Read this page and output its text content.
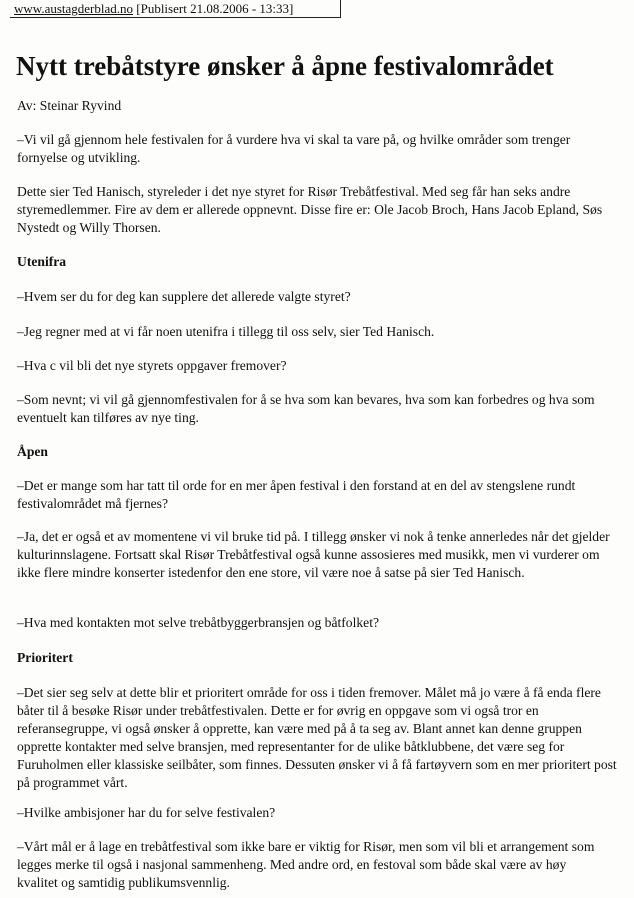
www.austagderblad.no [Publisert 21.08.2006 - 13:33]
Nytt trebåtstyre ønsker å åpne festivalområdet

Av: Steinar Ryvind

–Vi vil gå gjennom hele festivalen for å vurdere hva vi skal ta vare på, og hvilke områder som trenger fornyelse og utvikling.

Dette sier Ted Hanisch, styreleder i det nye styret for Risør Trebåtfestival. Med seg får han seks andre styremedlemmer. Fire av dem er allerede oppnevnt. Disse fire er: Ole Jacob Broch, Hans Jacob Epland, Søs Nystedt og Willy Thorsen.

Utenifra

–Hvem ser du for deg kan supplere det allerede valgte styret?

–Jeg regner med at vi får noen utenifra i tillegg til oss selv, sier Ted Hanisch.

–Hva c vil bli det nye styrets oppgaver fremover?

–Som nevnt; vi vil gå gjennomfestivalen for å se hva som kan bevares, hva som kan forbedres og hva som eventuelt kan tilføres av nye ting.

Åpen

–Det er mange som har tatt til orde for en mer åpen festival i den forstand at en del av stengslene rundt festivalområdet må fjernes?

–Ja, det er også et av momentene vi vil bruke tid på. I tillegg ønsker vi nok å tenke annerledes når det gjelder kulturinnslagene. Fortsatt skal Risør Trebåtfestival også kunne assosieres med musikk, men vi vurderer om ikke flere mindre konserter istedenfor den ene store, vil være noe å satse på sier Ted Hanisch.

–Hva med kontakten mot selve trebåtbyggerbransjen og båtfolket?

Prioritert

–Det sier seg selv at dette blir et prioritert område for oss i tiden fremover. Målet må jo være å få enda flere båter til å besøke Risør under trebåtfestivalen. Dette er for øvrig en oppgave som vi også tror en referansegruppe, vi også ønsker å opprette, kan være med på å ta seg av. Blant annet kan denne gruppen opprette kontakter med selve bransjen, med representanter for de ulike båtklubbene, det være seg for Furuholmen eller klassiske seilbåter, som finnes. Dessuten ønsker vi å få fartøyvern som en mer prioritert post på programmet vårt.

–Hvilke ambisjoner har du for selve festivalen?

–Vårt mål er å lage en trebåtfestival som ikke bare er viktig for Risør, men som vil bli et arrangement som legges merke til også i nasjonal sammenheng. Med andre ord, en festoval som både skal være av høy kvalitet og samtidig publikumsvennlig.
